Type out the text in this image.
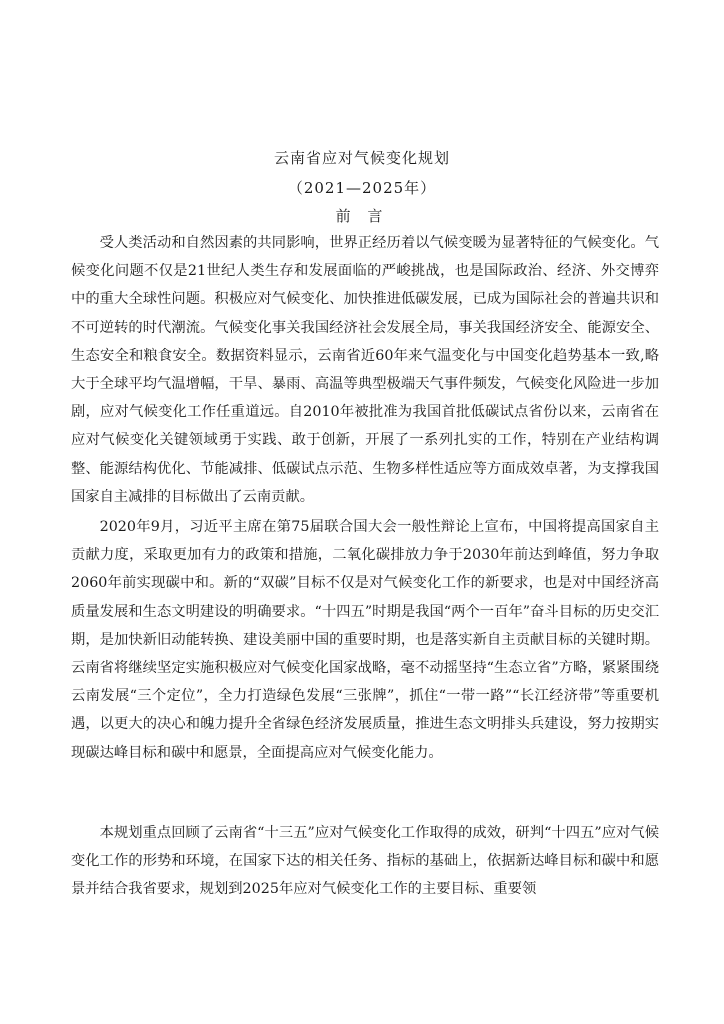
云南省应对气候变化规划
（2021—2025年）
前 言

受人类活动和自然因素的共同影响，世界正经历着以气候变暖为显著特征的气候变化。气候变化问题不仅是21世纪人类生存和发展面临的严峻挑战，也是国际政治、经济、外交博弈中的重大全球性问题。积极应对气候变化、加快推进低碳发展，已成为国际社会的普遍共识和不可逆转的时代潮流。气候变化事关我国经济社会发展全局，事关我国经济安全、能源安全、生态安全和粮食安全。数据资料显示，云南省近60年来气温变化与中国变化趋势基本一致,略大于全球平均气温增幅，干旱、暴雨、高温等典型极端天气事件频发，气候变化风险进一步加剧，应对气候变化工作任重道远。自2010年被批准为我国首批低碳试点省份以来，云南省在应对气候变化关键领域勇于实践、敢于创新，开展了一系列扎实的工作，特别在产业结构调整、能源结构优化、节能减排、低碳试点示范、生物多样性适应等方面成效卓著，为支撑我国国家自主减排的目标做出了云南贡献。

2020年9月，习近平主席在第75届联合国大会一般性辩论上宣布，中国将提高国家自主贡献力度，采取更加有力的政策和措施，二氧化碳排放力争于2030年前达到峰值，努力争取2060年前实现碳中和。新的“双碳”目标不仅是对气候变化工作的新要求，也是对中国经济高质量发展和生态文明建设的明确要求。“十四五”时期是我国“两个一百年”奋斗目标的历史交汇期，是加快新旧动能转换、建设美丽中国的重要时期，也是落实新自主贡献目标的关键时期。云南省将继续坚定实施积极应对气候变化国家战略，毫不动摇坚持“生态立省”方略，紧紧围绕云南发展“三个定位”，全力打造绿色发展“三张牌”，抓住“一带一路”“长江经济带”等重要机遇，以更大的决心和魄力提升全省绿色经济发展质量，推进生态文明排头兵建设，努力按期实现碳达峰目标和碳中和愿景，全面提高应对气候变化能力。

本规划重点回顾了云南省“十三五”应对气候变化工作取得的成效，研判“十四五”应对气候变化工作的形势和环境，在国家下达的相关任务、指标的基础上，依据新达峰目标和碳中和愿景并结合我省要求，规划到2025年应对气候变化工作的主要目标、重要领
